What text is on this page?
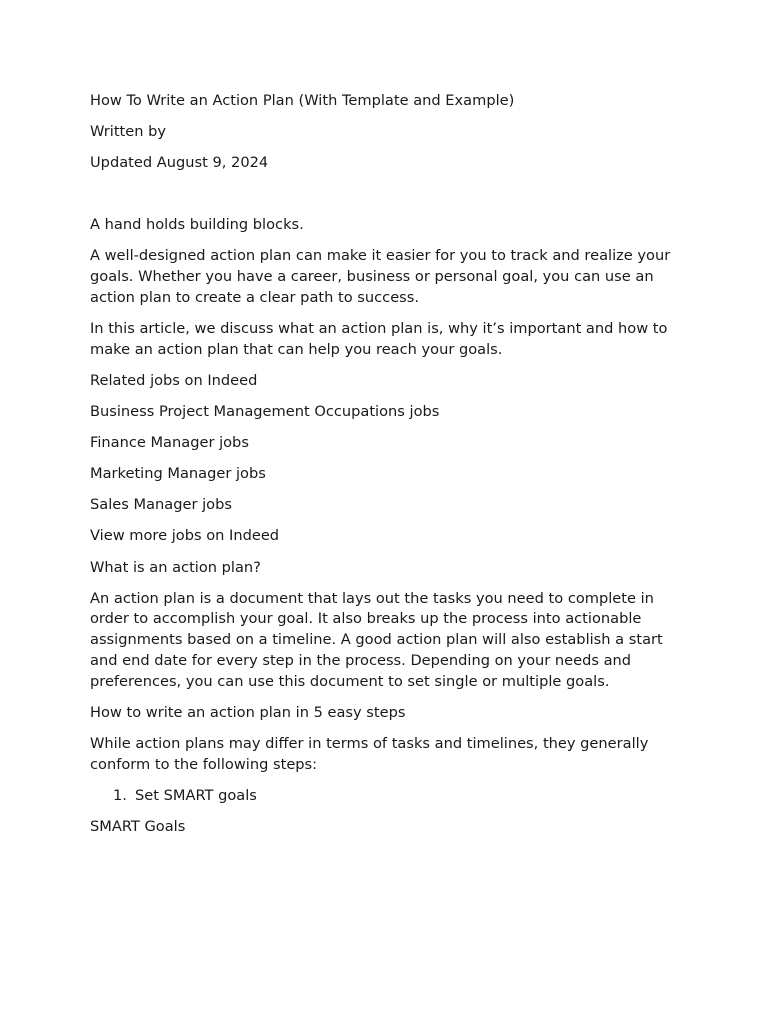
How To Write an Action Plan (With Template and Example)

Written by

Updated August 9, 2024

A hand holds building blocks.

A well-designed action plan can make it easier for you to track and realize your goals. Whether you have a career, business or personal goal, you can use an action plan to create a clear path to success.

In this article, we discuss what an action plan is, why it’s important and how to make an action plan that can help you reach your goals.

Related jobs on Indeed

Business Project Management Occupations jobs

Finance Manager jobs

Marketing Manager jobs

Sales Manager jobs

View more jobs on Indeed

What is an action plan?

An action plan is a document that lays out the tasks you need to complete in order to accomplish your goal. It also breaks up the process into actionable assignments based on a timeline. A good action plan will also establish a start and end date for every step in the process. Depending on your needs and preferences, you can use this document to set single or multiple goals.

How to write an action plan in 5 easy steps

While action plans may differ in terms of tasks and timelines, they generally conform to the following steps:

1. Set SMART goals

SMART Goals
